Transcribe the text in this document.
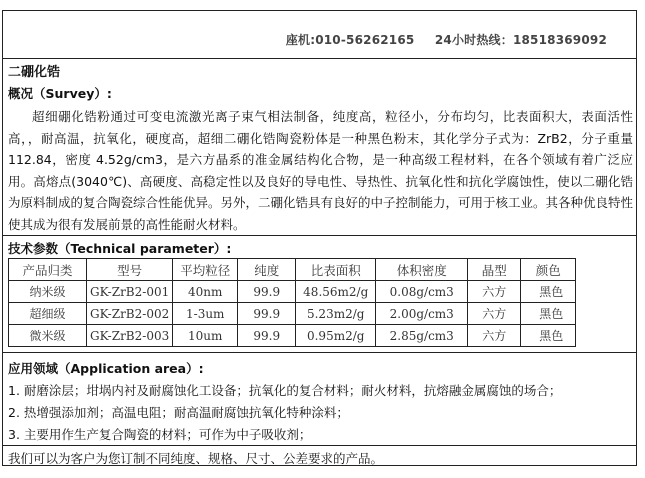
座机:010-56262165 24小时热线：18518369092
二硼化锆
概况（Survey）:
超细硼化锆粉通过可变电流激光离子束气相法制备，纯度高，粒径小，分布均匀，比表面积大，表面活性高，，耐高温，抗氧化，硬度高，超细二硼化锆陶瓷粉体是一种黑色粉末，其化学分子式为：ZrB2，分子重量 112.84，密度 4.52g/cm3，是六方晶系的准金属结构化合物，是一种高级工程材料，在各个领域有着广泛应用。高熔点(3040℃)、高硬度、高稳定性以及良好的导电性、导热性、抗氧化性和抗化学腐蚀性，使以二硼化锆为原料制成的复合陶瓷综合性能优异。另外，二硼化锆具有良好的中子控制能力，可用于核工业。其各种优良特性使其成为很有发展前景的高性能耐火材料。
技术参数（Technical parameter）:
产品归类	型号	平均粒径	纯度	比表面积	体积密度	晶型	颜色
纳米级	GK-ZrB2-001	40nm	99.9	48.56m2/g	0.08g/cm3	六方	黑色
超细级	GK-ZrB2-002	1-3um	99.9	5.23m2/g	2.00g/cm3	六方	黑色
微米级	GK-ZrB2-003	10um	99.9	0.95m2/g	2.85g/cm3	六方	黑色
应用领域（Application area）:
1. 耐磨涂层；坩埚内衬及耐腐蚀化工设备；抗氧化的复合材料；耐火材料，抗熔融金属腐蚀的场合；
2. 热增强添加剂；高温电阻；耐高温耐腐蚀抗氧化特种涂料；
3. 主要用作生产复合陶瓷的材料；可作为中子吸收剂；
我们可以为客户为您订制不同纯度、规格、尺寸、公差要求的产品。
